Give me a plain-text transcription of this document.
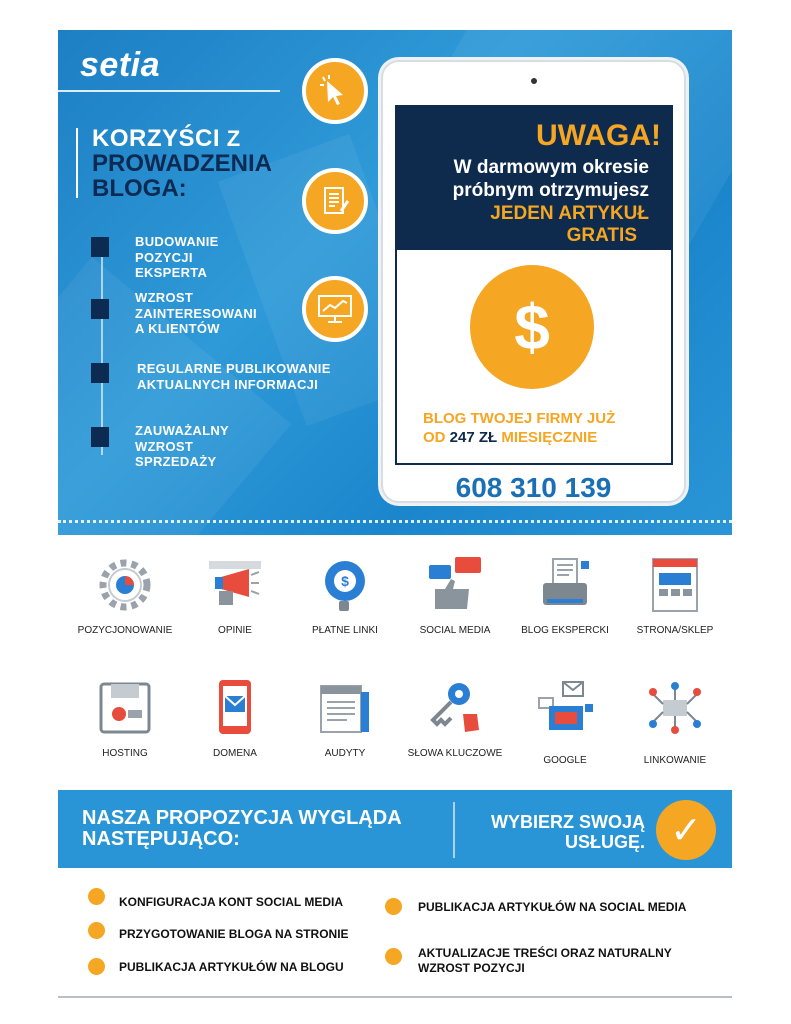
setia
KORZYŚCI Z
PROWADZENIA
BLOGA:
BUDOWANIE
POZYCJI
EKSPERTA
WZROST
ZAINTERESOWANI
A KLIENTÓW
REGULARNE PUBLIKOWANIE
AKTUALNYCH INFORMACJI
ZAUWAŻALNY
WZROST
SPRZEDAŻY
UWAGA!
W darmowym okresie
próbnym otrzymujesz
JEDEN ARTYKUŁ
GRATIS
$
BLOG TWOJEJ FIRMY JUŻ
OD 247 ZŁ MIESIĘCZNIE
608 310 139
POZYCJONOWANIE	OPINIE
$
PŁATNE LINKI	SOCIAL MEDIA	BLOG EKSPERCKI	STRONA/SKLEP
HOSTING	DOMENA	AUDYTY	SŁOWA KLUCZOWE
GOOGLE	LINKOWANIE
NASZA PROPOZYCJA WYGLĄDA
NASTĘPUJĄCO:
WYBIERZ SWOJĄ
USŁUGĘ. ✓
KONFIGURACJA KONT SOCIAL MEDIA
PRZYGOTOWANIE BLOGA NA STRONIE
PUBLIKACJA ARTYKUŁÓW NA BLOGU
PUBLIKACJA ARTYKUŁÓW NA SOCIAL MEDIA
AKTUALIZACJE TREŚCI ORAZ NATURALNY
WZROST POZYCJI
